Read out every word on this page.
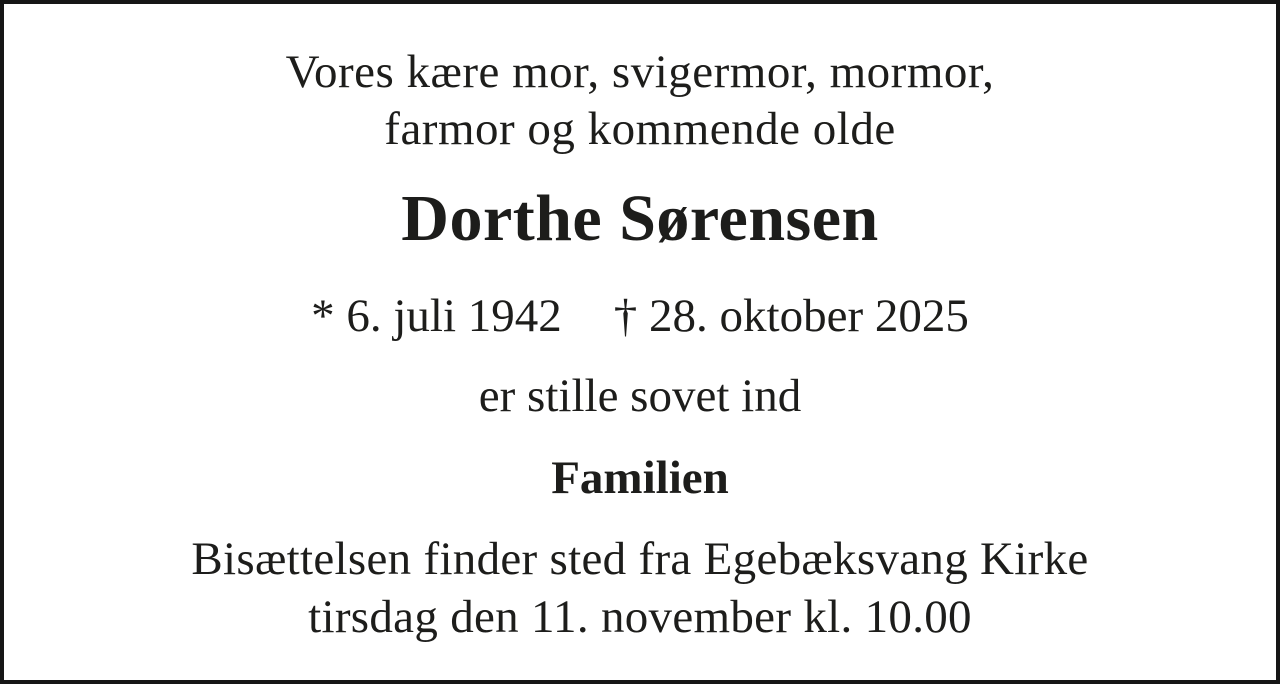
Vores kære mor, svigermor, mormor,
farmor og kommende olde
Dorthe Sørensen
* 6. juli 1942 † 28. oktober 2025
er stille sovet ind
Familien
Bisættelsen finder sted fra Egebæksvang Kirke
tirsdag den 11. november kl. 10.00
